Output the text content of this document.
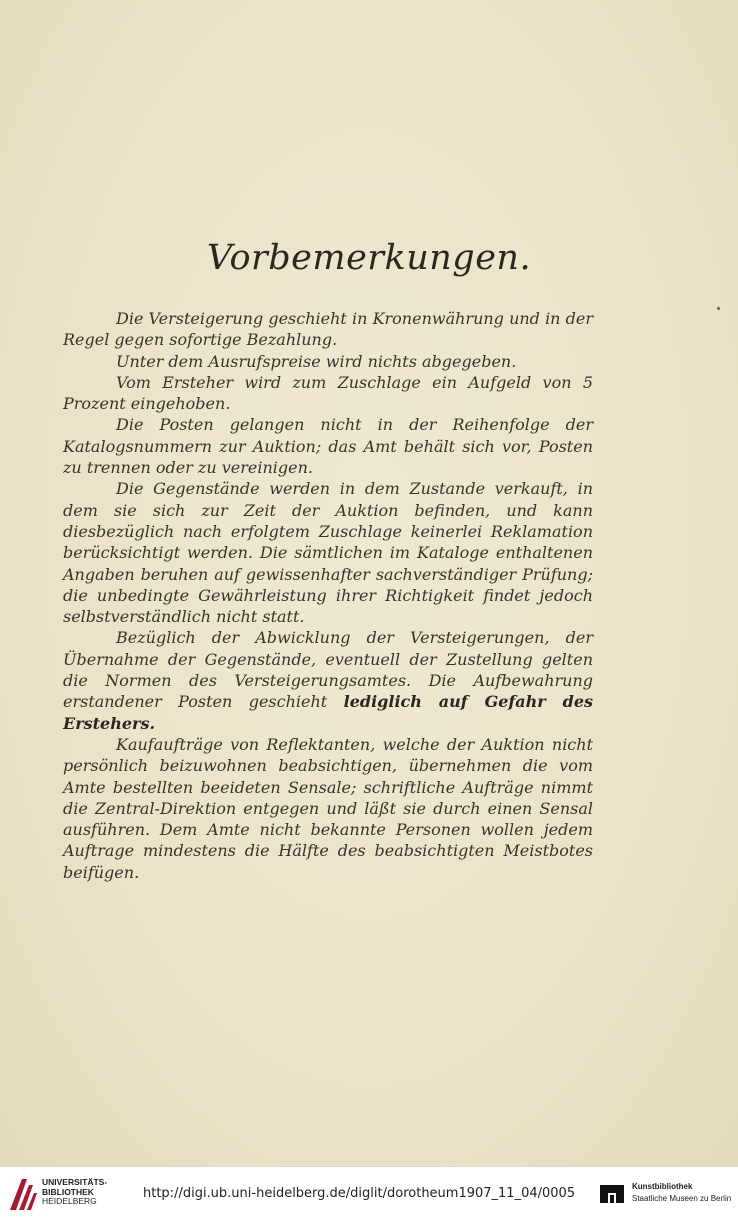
Vorbemerkungen.

Die Versteigerung geschieht in Kronenwährung und in der Regel gegen sofortige Bezahlung.

Unter dem Ausrufspreise wird nichts abgegeben.

Vom Ersteher wird zum Zuschlage ein Aufgeld von 5 Prozent eingehoben.

Die Posten gelangen nicht in der Reihenfolge der Katalogsnummern zur Auktion; das Amt behält sich vor, Posten zu trennen oder zu vereinigen.

Die Gegenstände werden in dem Zustande verkauft, in dem sie sich zur Zeit der Auktion befinden, und kann diesbezüglich nach erfolgtem Zuschlage keinerlei Reklamation berücksichtigt werden. Die sämtlichen im Kataloge enthaltenen Angaben beruhen auf gewissenhafter sachverständiger Prüfung; die unbedingte Gewährleistung ihrer Richtigkeit findet jedoch selbstverständlich nicht statt.

Bezüglich der Abwicklung der Versteigerungen, der Übernahme der Gegenstände, eventuell der Zustellung gelten die Normen des Versteigerungsamtes. Die Aufbewahrung erstandener Posten geschieht lediglich auf Gefahr des Erstehers.

Kaufaufträge von Reflektanten, welche der Auktion nicht persönlich beizuwohnen beabsichtigen, übernehmen die vom Amte bestellten beeideten Sensale; schriftliche Aufträge nimmt die Zentral-Direktion entgegen und läßt sie durch einen Sensal ausführen. Dem Amte nicht bekannte Personen wollen jedem Auftrage mindestens die Hälfte des beabsichtigten Meistbotes beifügen.

UNIVERSITÄTS-
BIBLIOTHEK
HEIDELBERG	http://digi.ub.uni-heidelberg.de/diglit/dorotheum1907_11_04/0005	Kunstbibliothek
Staatliche Museen zu Berlin
